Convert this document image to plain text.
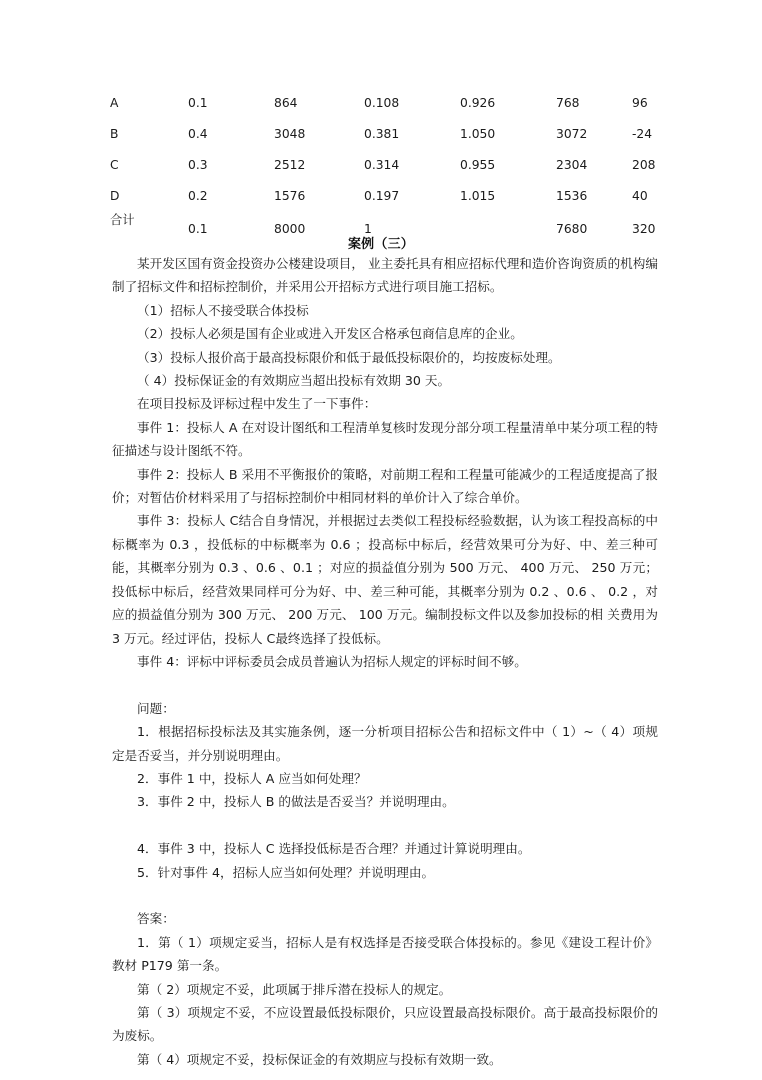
A	0.1	864	0.108	0.926	768	96
B	0.4	3048	0.381	1.050	3072	-24
C	0.3	2512	0.314	0.955	2304	208
D	0.2	1576	0.197	1.015	1536	40
合计	0.1	8000	1		7680	320
案例（三）

某开发区国有资金投资办公楼建设项目， 业主委托具有相应招标代理和造价咨询资质的机构编制了招标文件和招标控制价，并采用公开招标方式进行项目施工招标。

（1）招标人不接受联合体投标

（2）投标人必须是国有企业或进入开发区合格承包商信息库的企业。

（3）投标人报价高于最高投标限价和低于最低投标限价的，均按废标处理。

（ 4）投标保证金的有效期应当超出投标有效期 30 天。

在项目投标及评标过程中发生了一下事件：

事件 1：投标人 A 在对设计图纸和工程清单复核时发现分部分项工程量清单中某分项工程的特征描述与设计图纸不符。

事件 2：投标人 B 采用不平衡报价的策略，对前期工程和工程量可能减少的工程适度提高了报价；对暂估价材料采用了与招标控制价中相同材料的单价计入了综合单价。

事件 3：投标人 C结合自身情况，并根据过去类似工程投标经验数据，认为该工程投高标的中标概率为 0.3 ，投低标的中标概率为 0.6 ；投高标中标后，经营效果可分为好、中、差三种可能，其概率分别为 0.3 、0.6 、0.1 ；对应的损益值分别为 500 万元、 400 万元、 250 万元；投低标中标后，经营效果同样可分为好、中、差三种可能，其概率分别为 0.2 、0.6 、 0.2 ，对应的损益值分别为 300 万元、 200 万元、 100 万元。编制投标文件以及参加投标的相 关费用为 3 万元。经过评估，投标人 C最终选择了投低标。

事件 4：评标中评标委员会成员普遍认为招标人规定的评标时间不够。

问题：

1．根据招标投标法及其实施条例，逐一分析项目招标公告和招标文件中（ 1）~（ 4）项规定是否妥当，并分别说明理由。

2．事件 1 中，投标人 A 应当如何处理？

3．事件 2 中，投标人 B 的做法是否妥当？并说明理由。

4．事件 3 中，投标人 C 选择投低标是否合理？并通过计算说明理由。

5．针对事件 4，招标人应当如何处理？并说明理由。

答案：

1．第（ 1）项规定妥当，招标人是有权选择是否接受联合体投标的。参见《建设工程计价》教材 P179 第一条。

第（ 2）项规定不妥，此项属于排斥潜在投标人的规定。

第（ 3）项规定不妥，不应设置最低投标限价，只应设置最高投标限价。高于最高投标限价的为废标。

第（ 4）项规定不妥，投标保证金的有效期应与投标有效期一致。
